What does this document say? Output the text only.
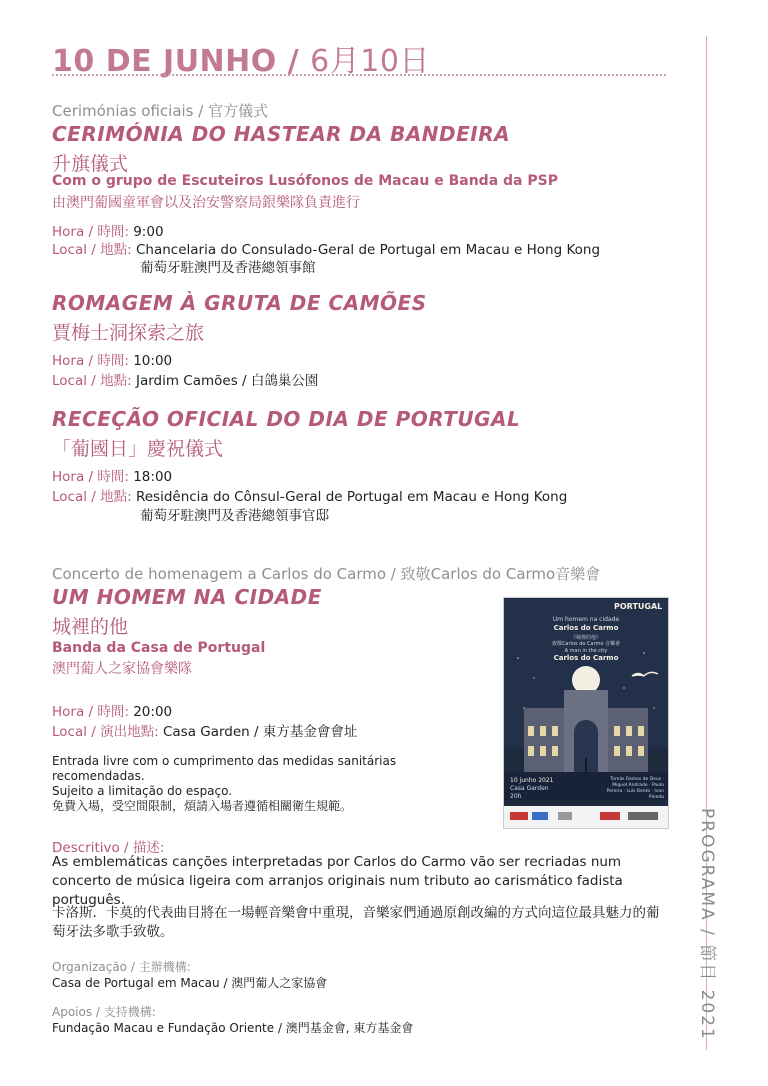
10 DE JUNHO / 6月10日
PROGRAMA / 節目 2021
Cerimónias oficiais / 官方儀式
CERIMÓNIA DO HASTEAR DA BANDEIRA
升旗儀式
Com o grupo de Escuteiros Lusófonos de Macau e Banda da PSP
由澳門葡國童軍會以及治安警察局銀樂隊負責進行
Hora / 時間: 9:00
Local / 地點: Chancelaria do Consulado-Geral de Portugal em Macau e Hong Kong
葡萄牙駐澳門及香港總領事館
ROMAGEM À GRUTA DE CAMÕES
賈梅士洞探索之旅
Hora / 時間: 10:00
Local / 地點: Jardim Camões / 白鴿巢公園
RECEÇÃO OFICIAL DO DIA DE PORTUGAL
「葡國日」慶祝儀式
Hora / 時間: 18:00
Local / 地點: Residência do Cônsul-Geral de Portugal em Macau e Hong Kong
葡萄牙駐澳門及香港總領事官邸
Concerto de homenagem a Carlos do Carmo / 致敬Carlos do Carmo音樂會
UM HOMEM NA CIDADE
城裡的他
Banda da Casa de Portugal
澳門葡人之家協會樂隊
Hora / 時間: 20:00
Local / 演出地點: Casa Garden / 東方基金會會址
Entrada livre com o cumprimento das medidas sanitárias recomendadas.
Sujeito a limitação do espaço.
免費入場，受空間限制，煩請入場者遵循相關衛生規範。
PORTUGAL
Um homem na cidade
Carlos do Carmo
《城裡的他》
致敬Carlos do Carmo 音樂會
A man in the city
Carlos do Carmo
10 junho 2021
Casa Garden
20h
Tomás Ramos de Deus · Miguel Andrade · Paulo Pereira · Luís Bento · Ivan Pineda
Descritivo / 描述:
As emblemáticas canções interpretadas por Carlos do Carmo vão ser recriadas num concerto de música ligeira com arranjos originais num tributo ao carismático fadista português.
卡洛斯．卡莫的代表曲目將在一場輕音樂會中重現，音樂家們通過原創改編的方式向這位最具魅力的葡萄牙法多歌手致敬。
Organização / 主辦機構:
Casa de Portugal em Macau / 澳門葡人之家協會
Apoios / 支持機構:
Fundação Macau e Fundação Oriente / 澳門基金會, 東方基金會
